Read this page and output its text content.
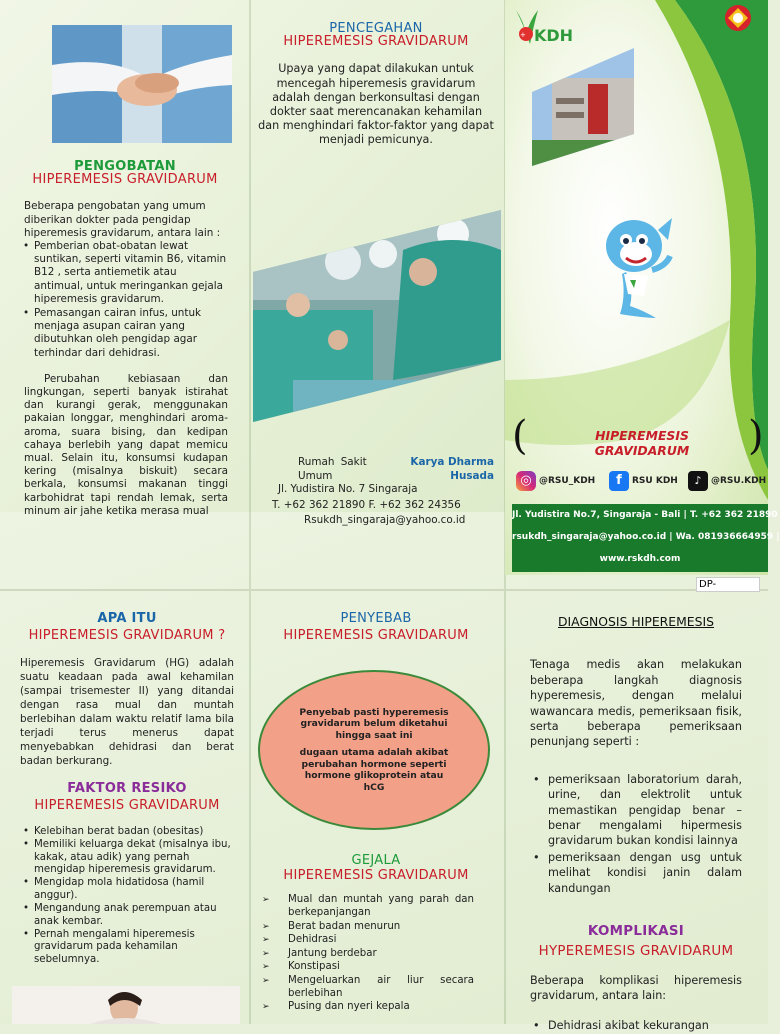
PENGOBATAN
HIPEREMESIS GRAVIDARUM

Beberapa pengobatan yang umum diberikan dokter pada pengidap hiperemesis gravidarum, antara lain :

• Pemberian obat-obatan lewat suntikan, seperti vitamin B6, vitamin B12 , serta antiemetik atau antimual, untuk meringankan gejala hiperemesis gravidarum.
• Pemasangan cairan infus, untuk menjaga asupan cairan yang dibutuhkan oleh pengidap agar terhindar dari dehidrasi.

Perubahan kebiasaan dan lingkungan, seperti banyak istirahat dan kurangi gerak, menggunakan pakaian longgar, menghindari aroma-aroma, suara bising, dan kedipan cahaya berlebih yang dapat memicu mual. Selain itu, konsumsi kudapan kering (misalnya biskuit) secara berkala, konsumsi makanan tinggi karbohidrat tapi rendah lemak, serta minum air jahe ketika merasa mual

PENCEGAHAN
HIPEREMESIS GRAVIDARUM

Upaya yang dapat dilakukan untuk mencegah hiperemesis gravidarum adalah dengan berkonsultasi dengan dokter saat merencanakan kehamilan dan menghindari faktor-faktor yang dapat menjadi pemicunya.

Rumah Sakit Umum
Karya Dharma Husada
Jl. Yudistira No. 7 Singaraja
T. +62 362 21890 F. +62 362 24356
Rsukdh_singaraja@yahoo.co.id
+ KDH
(	)
HIPEREMESIS
GRAVIDARUM
◎ @RSU_KDH	f	RSU KDH	♪	@RSU.KDH
Jl. Yudistira No.7, Singaraja - Bali | T. +62 362 21890
rsukdh_singaraja@yahoo.co.id | Wa. 081936664959 |
www.rskdh.com
DP-
APA ITU
HIPEREMESIS GRAVIDARUM ?

Hiperemesis Gravidarum (HG) adalah suatu keadaan pada awal kehamilan (sampai trisemester II) yang ditandai dengan rasa mual dan muntah berlebihan dalam waktu relatif lama bila terjadi terus menerus dapat menyebabkan dehidrasi dan berat badan berkurang.

FAKTOR RESIKO
HIPEREMESIS GRAVIDARUM
• Kelebihan berat badan (obesitas)
• Memiliki keluarga dekat (misalnya ibu, kakak, atau adik) yang pernah mengidap hiperemesis gravidarum.
• Mengidap mola hidatidosa (hamil anggur).
• Mengandung anak perempuan atau anak kembar.
• Pernah mengalami hiperemesis gravidarum pada kehamilan sebelumnya.
PENYEBAB
HIPEREMESIS GRAVIDARUM

Penyebab pasti hyperemesis gravidarum belum diketahui hingga saat ini

dugaan utama adalah akibat perubahan hormone seperti hormone glikoprotein atau hCG

GEJALA
HIPEREMESIS GRAVIDARUM
➢ Mual dan muntah yang parah dan berkepanjangan
➢ Berat badan menurun
➢ Dehidrasi
➢ Jantung berdebar
➢ Konstipasi
➢ Mengeluarkan air liur secara berlebihan
➢ Pusing dan nyeri kepala
DIAGNOSIS HIPEREMESIS

Tenaga medis akan melakukan beberapa langkah diagnosis hyperemesis, dengan melalui wawancara medis, pemeriksaan fisik, serta beberapa pemeriksaan penunjang seperti :

• pemeriksaan laboratorium darah, urine, dan elektrolit untuk memastikan pengidap benar – benar mengalami hipermesis gravidarum bukan kondisi lainnya
• pemeriksaan dengan usg untuk melihat kondisi janin dalam kandungan
KOMPLIKASI
HYPEREMESIS GRAVIDARUM

Beberapa komplikasi hiperemesis gravidarum, antara lain:

• Dehidrasi akibat kekurangan
